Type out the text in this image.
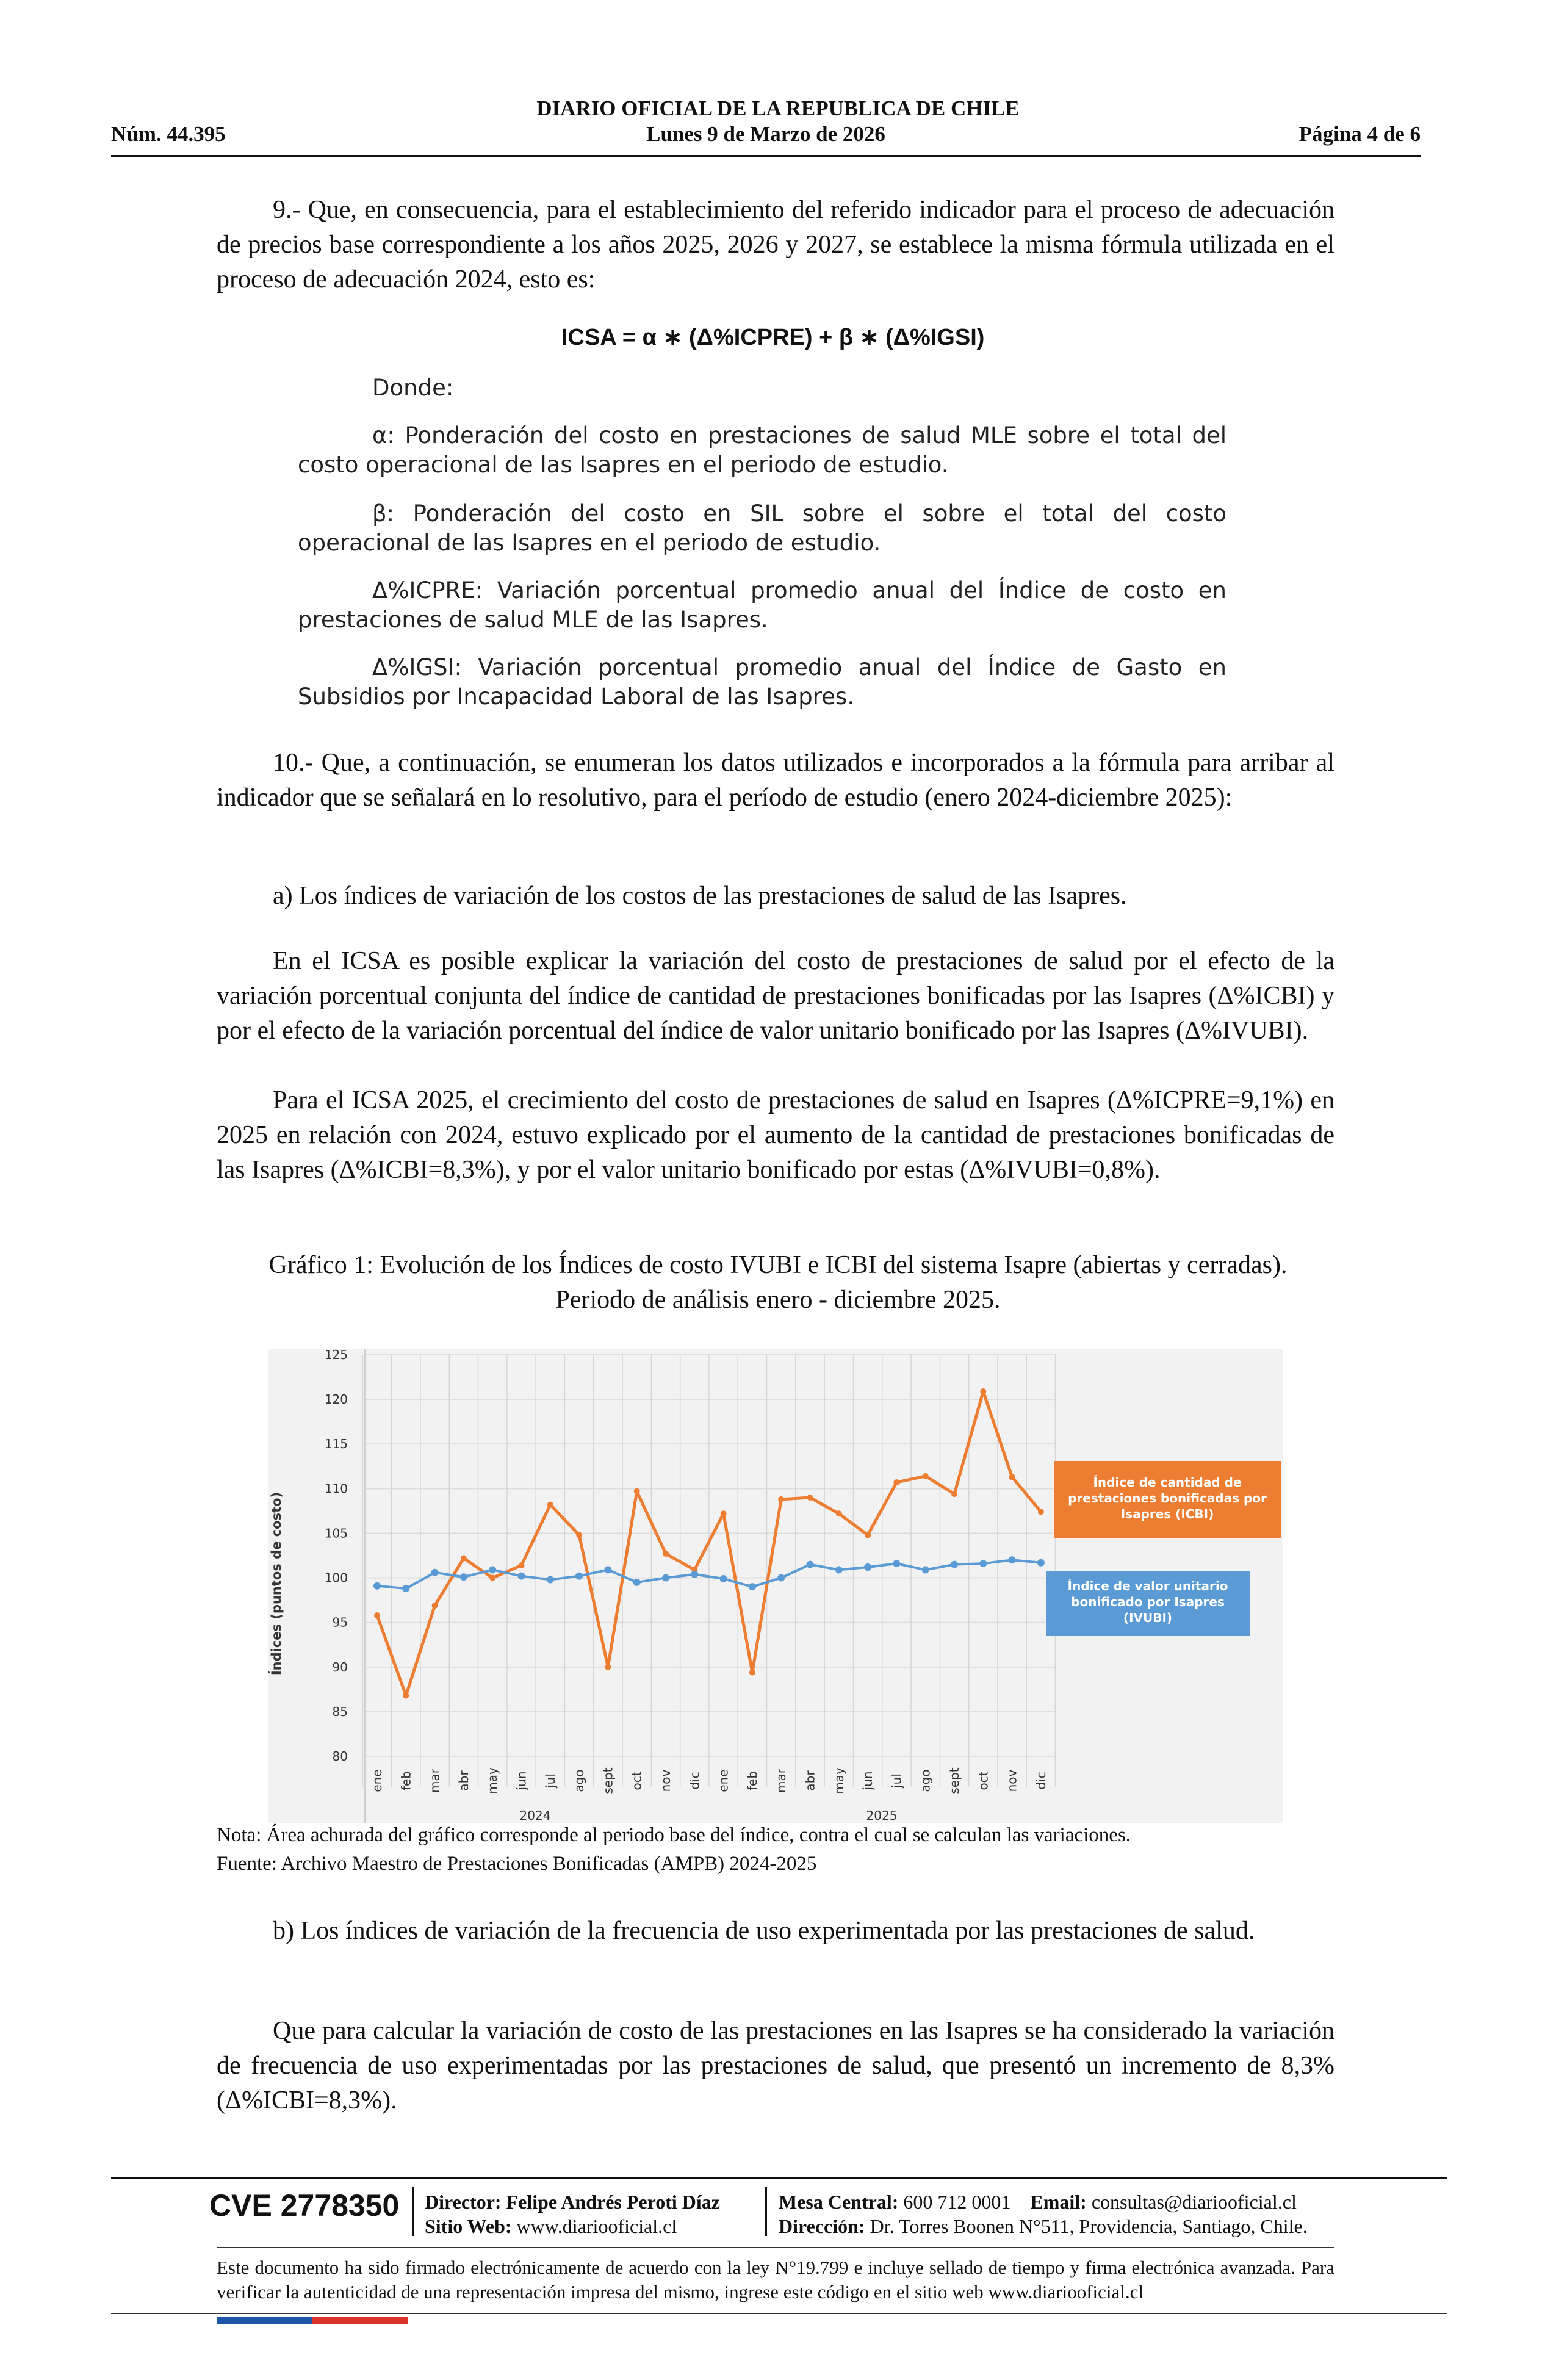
DIARIO OFICIAL DE LA REPUBLICA DE CHILE
Núm. 44.395	Lunes 9 de Marzo de 2026	Página 4 de 6

9.- Que, en consecuencia, para el establecimiento del referido indicador para el proceso de adecuación de precios base correspondiente a los años 2025, 2026 y 2027, se establece la misma fórmula utilizada en el proceso de adecuación 2024, esto es:

ICSA = α ∗ (Δ%ICPRE) + β ∗ (Δ%IGSI)

Donde:

α: Ponderación del costo en prestaciones de salud MLE sobre el total del costo operacional de las Isapres en el periodo de estudio.

β: Ponderación del costo en SIL sobre el sobre el total del costo operacional de las Isapres en el periodo de estudio.

Δ%ICPRE: Variación porcentual promedio anual del Índice de costo en prestaciones de salud MLE de las Isapres.

Δ%IGSI: Variación porcentual promedio anual del Índice de Gasto en Subsidios por Incapacidad Laboral de las Isapres.

10.- Que, a continuación, se enumeran los datos utilizados e incorporados a la fórmula para arribar al indicador que se señalará en lo resolutivo, para el período de estudio (enero 2024-diciembre 2025):

a) Los índices de variación de los costos de las prestaciones de salud de las Isapres.

En el ICSA es posible explicar la variación del costo de prestaciones de salud por el efecto de la variación porcentual conjunta del índice de cantidad de prestaciones bonificadas por las Isapres (Δ%ICBI) y por el efecto de la variación porcentual del índice de valor unitario bonificado por las Isapres (Δ%IVUBI).

Para el ICSA 2025, el crecimiento del costo de prestaciones de salud en Isapres (Δ%ICPRE=9,1%) en 2025 en relación con 2024, estuvo explicado por el aumento de la cantidad de prestaciones bonificadas de las Isapres (Δ%ICBI=8,3%), y por el valor unitario bonificado por estas (Δ%IVUBI=0,8%).

Gráfico 1: Evolución de los Índices de costo IVUBI e ICBI del sistema Isapre (abiertas y cerradas). Periodo de análisis enero - diciembre 2025.

125
120
115
110
105
100
95
90
85
80
Índices (puntos de costo)
ene feb mar abr may jun jul ago sept oct nov dic ene feb mar abr may jun jul ago sept oct nov dic
2024	2025
Índice de cantidad de prestaciones bonificadas por Isapres (ICBI)
Índice de valor unitario bonificado por Isapres (IVUBI)

Nota: Área achurada del gráfico corresponde al periodo base del índice, contra el cual se calculan las variaciones.

Fuente: Archivo Maestro de Prestaciones Bonificadas (AMPB) 2024-2025

b) Los índices de variación de la frecuencia de uso experimentada por las prestaciones de salud.

Que para calcular la variación de costo de las prestaciones en las Isapres se ha considerado la variación de frecuencia de uso experimentadas por las prestaciones de salud, que presentó un incremento de 8,3% (Δ%ICBI=8,3%).

CVE 2778350 Director: Felipe Andrés Peroti Díaz
Sitio Web: www.diariooficial.cl
Mesa Central: 600 712 0001 Email: consultas@diariooficial.cl
Dirección: Dr. Torres Boonen N°511, Providencia, Santiago, Chile.

Este documento ha sido firmado electrónicamente de acuerdo con la ley N°19.799 e incluye sellado de tiempo y firma electrónica avanzada. Para verificar la autenticidad de una representación impresa del mismo, ingrese este código en el sitio web www.diariooficial.cl
